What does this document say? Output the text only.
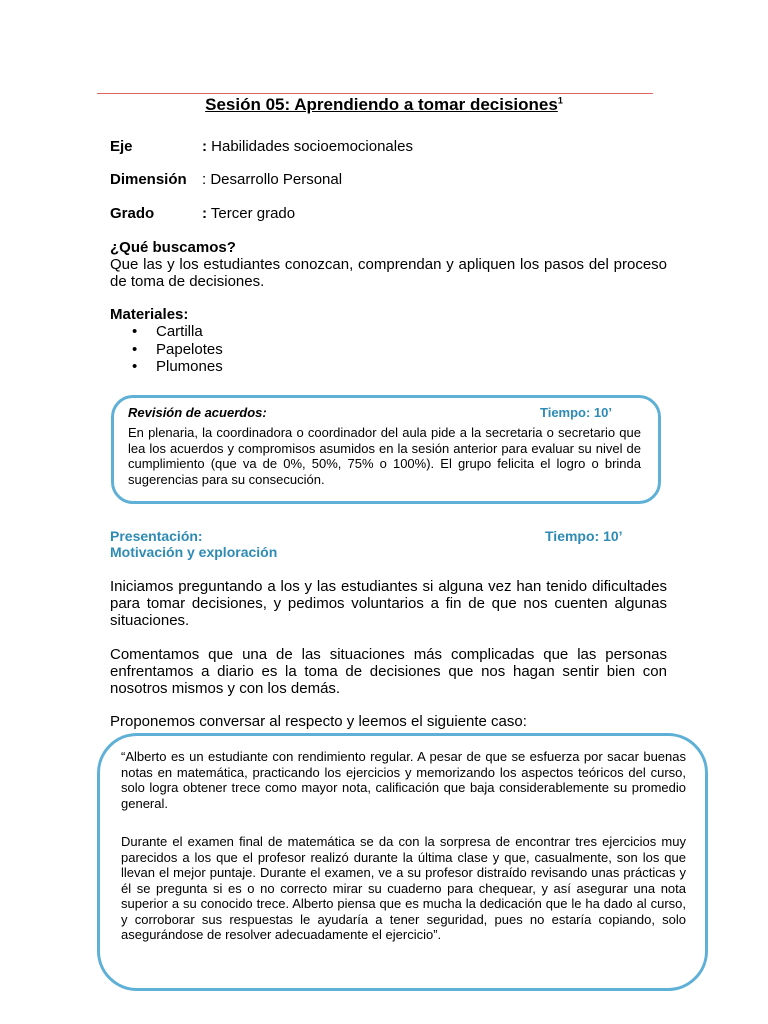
Sesión 05: Aprendiendo a tomar decisiones$^1$
Eje	: Habilidades socioemocionales
Dimensión : Desarrollo Personal
Grado	: Tercer grado
¿Qué buscamos?
Que las y los estudiantes conozcan, comprendan y apliquen los pasos del proceso de toma de decisiones.
Materiales:
• Cartilla
• Papelotes
• Plumones
Revisión de acuerdos:	Tiempo: 10’
En plenaria, la coordinadora o coordinador del aula pide a la secretaria o secretario que lea los acuerdos y compromisos asumidos en la sesión anterior para evaluar su nivel de cumplimiento (que va de 0%, 50%, 75% o 100%). El grupo felicita el logro o brinda sugerencias para su consecución.
Presentación:	Tiempo: 10’
Motivación y exploración
Iniciamos preguntando a los y las estudiantes si alguna vez han tenido dificultades para tomar decisiones, y pedimos voluntarios a fin de que nos cuenten algunas situaciones.
Comentamos que una de las situaciones más complicadas que las personas enfrentamos a diario es la toma de decisiones que nos hagan sentir bien con nosotros mismos y con los demás.
Proponemos conversar al respecto y leemos el siguiente caso:
“Alberto es un estudiante con rendimiento regular. A pesar de que se esfuerza por sacar buenas notas en matemática, practicando los ejercicios y memorizando los aspectos teóricos del curso, solo logra obtener trece como mayor nota, calificación que baja considerablemente su promedio general.
Durante el examen final de matemática se da con la sorpresa de encontrar tres ejercicios muy parecidos a los que el profesor realizó durante la última clase y que, casualmente, son los que llevan el mejor puntaje. Durante el examen, ve a su profesor distraído revisando unas prácticas y él se pregunta si es o no correcto mirar su cuaderno para chequear, y así asegurar una nota superior a su conocido trece. Alberto piensa que es mucha la dedicación que le ha dado al curso, y corroborar sus respuestas le ayudaría a tener seguridad, pues no estaría copiando, solo asegurándose de resolver adecuadamente el ejercicio”.
